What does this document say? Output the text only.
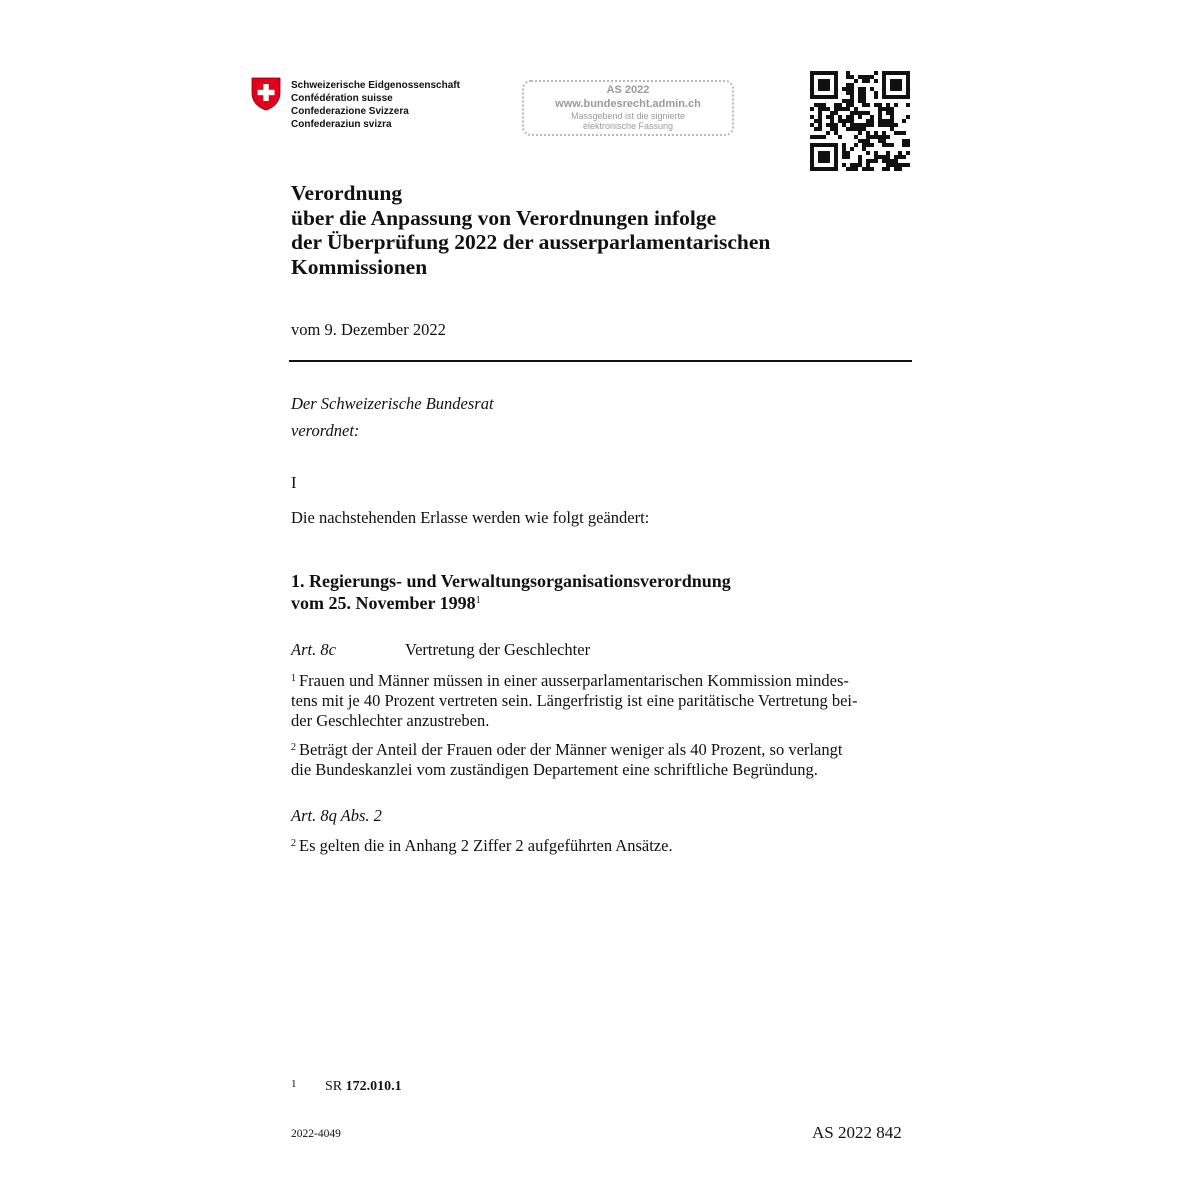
Schweizerische Eidgenossenschaft
Confédération suisse
Confederazione Svizzera
Confederaziun svizra
AS 2022
www.bundesrecht.admin.ch
Massgebend ist die signierte
elektronische Fassung
Verordnung
über die Anpassung von Verordnungen infolge
der Überprüfung 2022 der ausserparlamentarischen
Kommissionen
vom 9. Dezember 2022
Der Schweizerische Bundesrat
verordnet:
I
Die nachstehenden Erlasse werden wie folgt geändert:
1. Regierungs- und Verwaltungsorganisationsverordnung
vom 25. November 1998$^1$
Art. 8c	Vertretung der Geschlechter
$^1$ Frauen und Männer müssen in einer ausserparlamentarischen Kommission mindes-
tens mit je 40 Prozent vertreten sein. Längerfristig ist eine paritätische Vertretung bei-
der Geschlechter anzustreben.
$^2$ Beträgt der Anteil der Frauen oder der Männer weniger als 40 Prozent, so verlangt
die Bundeskanzlei vom zuständigen Departement eine schriftliche Begründung.
Art. 8q Abs. 2
$^2$ Es gelten die in Anhang 2 Ziffer 2 aufgeführten Ansätze.
1 SR 172.010.1
2022-4049	AS 2022 842
